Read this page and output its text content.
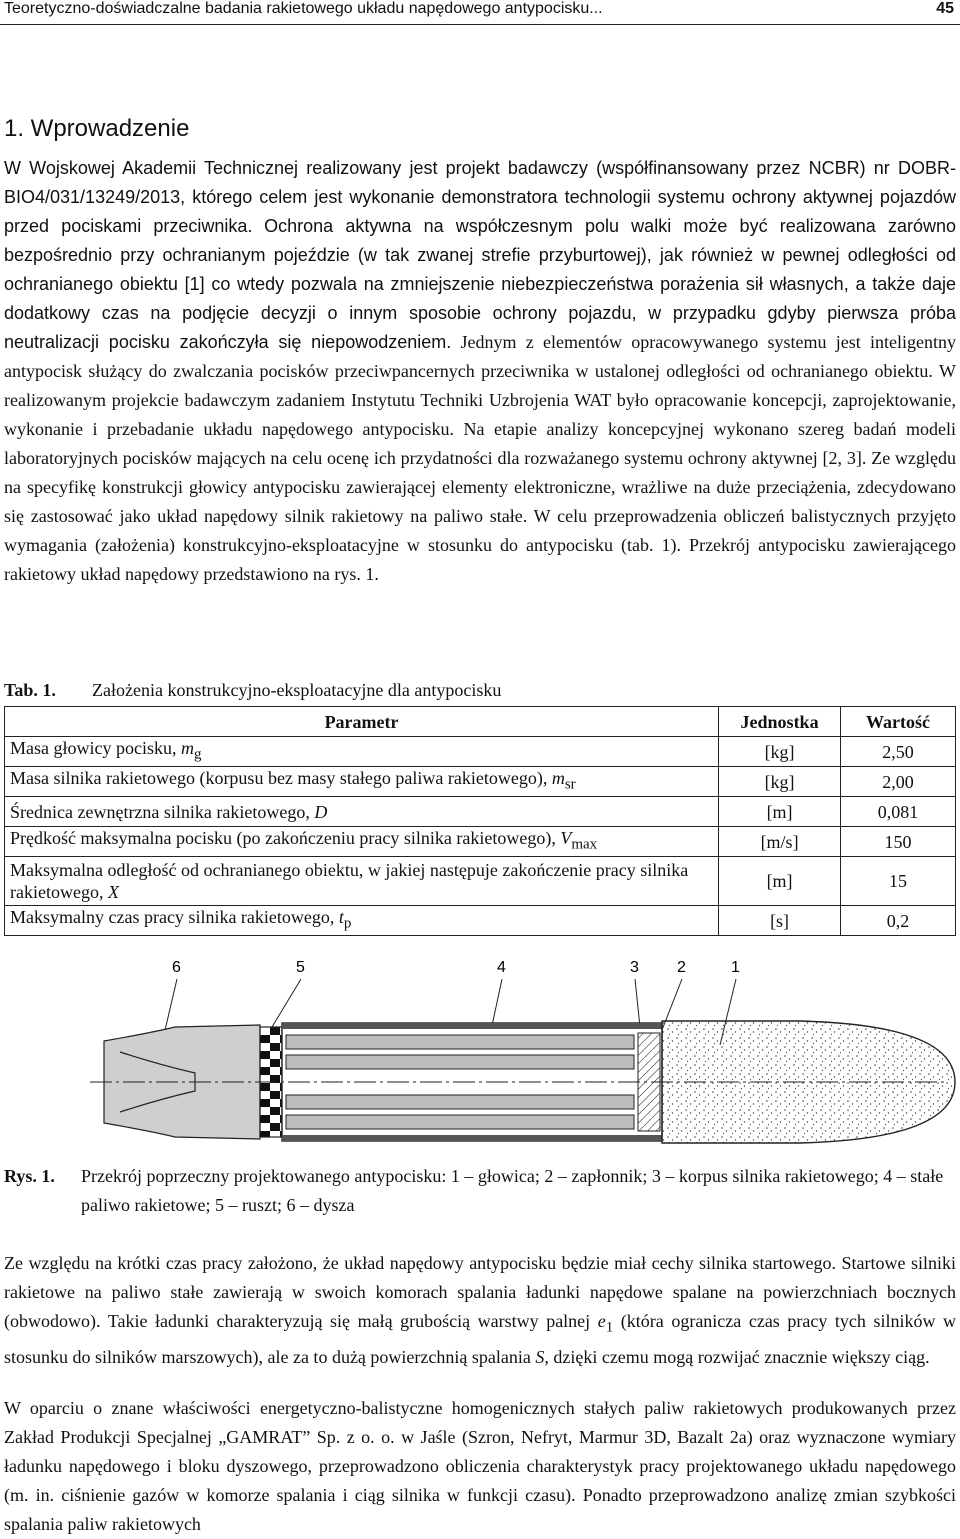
Teoretyczno-doświadczalne badania rakietowego układu napędowego antypocisku...	45
1. Wprowadzenie

W Wojskowej Akademii Technicznej realizowany jest projekt badawczy (współfinansowany przez NCBR) nr DOBR-BIO4/031/13249/2013, którego celem jest wykonanie demonstratora technologii systemu ochrony aktywnej pojazdów przed pociskami przeciwnika. Ochrona aktywna na współczesnym polu walki może być realizowana zarówno bezpośrednio przy ochranianym pojeździe (w tak zwanej strefie przyburtowej), jak również w pewnej odległości od ochranianego obiektu [1] co wtedy pozwala na zmniejszenie niebezpieczeństwa porażenia sił własnych, a także daje dodatkowy czas na podjęcie decyzji o innym sposobie ochrony pojazdu, w przypadku gdyby pierwsza próba neutralizacji pocisku zakończyła się niepowodzeniem. Jednym z elementów opracowywanego systemu jest inteligentny antypocisk służący do zwalczania pocisków przeciwpancernych przeciwnika w ustalonej odległości od ochranianego obiektu. W realizowanym projekcie badawczym zadaniem Instytutu Techniki Uzbrojenia WAT było opracowanie koncepcji, zaprojektowanie, wykonanie i przebadanie układu napędowego antypocisku. Na etapie analizy koncepcyjnej wykonano szereg badań modeli laboratoryjnych pocisków mających na celu ocenę ich przydatności dla rozważanego systemu ochrony aktywnej [2, 3]. Ze względu na specyfikę konstrukcji głowicy antypocisku zawierającej elementy elektroniczne, wrażliwe na duże przeciążenia, zdecydowano się zastosować jako układ napędowy silnik rakietowy na paliwo stałe. W celu przeprowadzenia obliczeń balistycznych przyjęto wymagania (założenia) konstrukcyjno-eksploatacyjne w stosunku do antypocisku (tab. 1). Przekrój antypocisku zawierającego rakietowy układ napędowy przedstawiono na rys. 1.

Tab. 1. Założenia konstrukcyjno-eksploatacyjne dla antypocisku
Parametr	Jednostka	Wartość
Masa głowicy pocisku, $m_g$	[kg]	2,50
Masa silnika rakietowego (korpusu bez masy stałego paliwa rakietowego), $m_{sr}$	[kg]	2,00
Średnica zewnętrzna silnika rakietowego, D	[m]	0,081
Prędkość maksymalna pocisku (po zakończeniu pracy silnika rakietowego), $V_{max}$	[m/s]	150
Maksymalna odległość od ochranianego obiektu, w jakiej następuje zakończenie pracy silnika rakietowego, X	[m]	15
Maksymalny czas pracy silnika rakietowego, $t_p$	[s]	0,2
6	5	4	3 2	1
Rys. 1. Przekrój poprzeczny projektowanego antypocisku: 1 – głowica; 2 – zapłonnik; 3 – korpus silnika rakietowego; 4 – stałe paliwo rakietowe; 5 – ruszt; 6 – dysza

Ze względu na krótki czas pracy założono, że układ napędowy antypocisku będzie miał cechy silnika startowego. Startowe silniki rakietowe na paliwo stałe zawierają w swoich komorach spalania ładunki napędowe spalane na powierzchniach bocznych (obwodowo). Takie ładunki charakteryzują się małą grubością warstwy palnej $e_1$ (która ogranicza czas pracy tych silników w stosunku do silników marszowych), ale za to dużą powierzchnią spalania S, dzięki czemu mogą rozwijać znacznie większy ciąg.

W oparciu o znane właściwości energetyczno-balistyczne homogenicznych stałych paliw rakietowych produkowanych przez Zakład Produkcji Specjalnej „GAMRAT” Sp. z o. o. w Jaśle (Szron, Nefryt, Marmur 3D, Bazalt 2a) oraz wyznaczone wymiary ładunku napędowego i bloku dyszowego, przeprowadzono obliczenia charakterystyk pracy projektowanego układu napędowego (m. in. ciśnienie gazów w komorze spalania i ciąg silnika w funkcji czasu). Ponadto przeprowadzono analizę zmian szybkości spalania paliw rakietowych
